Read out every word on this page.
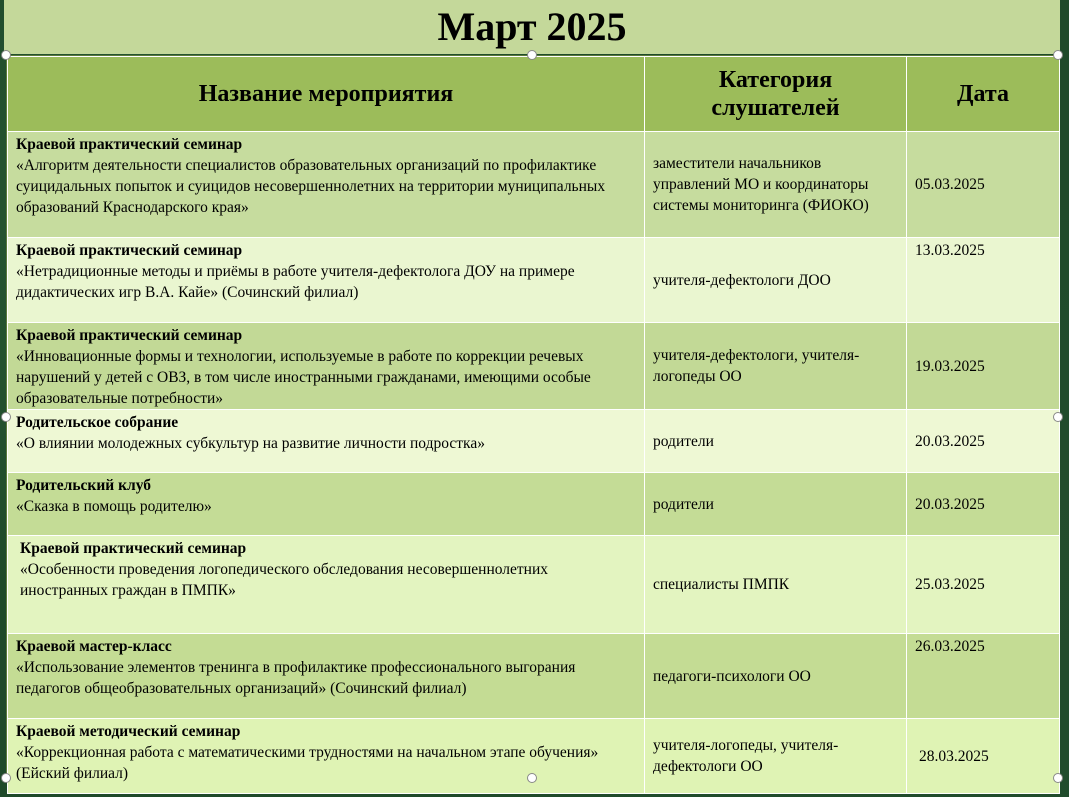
Март 2025
Название мероприятия	Категория слушателей	Дата

Краевой практический семинар
«Алгоритм деятельности специалистов образовательных организаций по профилактике суицидальных попыток и суицидов несовершеннолетних на территории муниципальных образований Краснодарского края»	заместители начальников управлений МО и координаторы системы мониторинга (ФИОКО)	05.03.2025

Краевой практический семинар
«Нетрадиционные методы и приёмы в работе учителя-дефектолога ДОУ на примере дидактических игр В.А. Кайе» (Сочинский филиал)	учителя-дефектологи ДОО	13.03.2025

Краевой практический семинар
«Инновационные формы и технологии, используемые в работе по коррекции речевых нарушений у детей с ОВЗ, в том числе иностранными гражданами, имеющими особые образовательные потребности»	учителя-дефектологи, учителя-логопеды ОО	19.03.2025

Родительское собрание
«О влиянии молодежных субкультур на развитие личности подростка»	родители	20.03.2025

Родительский клуб
«Сказка в помощь родителю»	родители	20.03.2025

Краевой практический семинар
«Особенности проведения логопедического обследования несовершеннолетних иностранных граждан в ПМПК»	специалисты ПМПК	25.03.2025

Краевой мастер-класс
«Использование элементов тренинга в профилактике профессионального выгорания педагогов общеобразовательных организаций» (Сочинский филиал)	педагоги-психологи ОО	26.03.2025

Краевой методический семинар
«Коррекционная работа с математическими трудностями на начальном этапе обучения» (Ейский филиал)	учителя-логопеды, учителя-дефектологи ОО	28.03.2025
